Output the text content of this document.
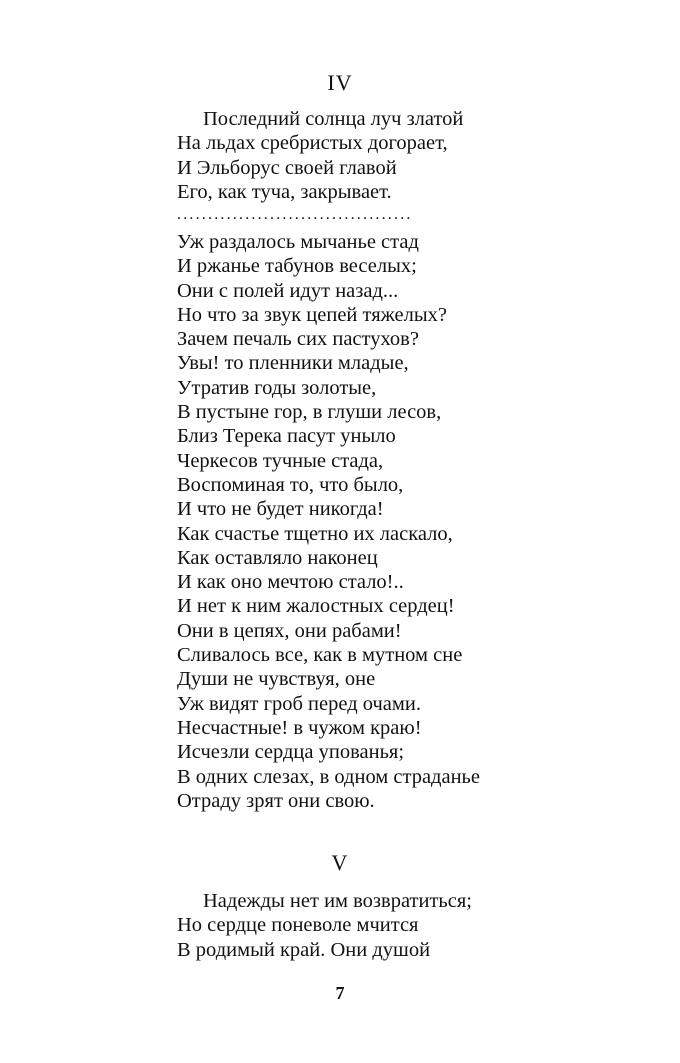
IV
Последний солнца луч златой
На льдах сребристых догорает,
И Эльборус своей главой
Его, как туча, закрывает.
......................................
Уж раздалось мычанье стад
И ржанье табунов веселых;
Они с полей идут назад...
Но что за звук цепей тяжелых?
Зачем печаль сих пастухов?
Увы! то пленники младые,
Утратив годы золотые,
В пустыне гор, в глуши лесов,
Близ Терека пасут уныло
Черкесов тучные стада,
Воспоминая то, что было,
И что не будет никогда!
Как счастье тщетно их ласкало,
Как оставляло наконец
И как оно мечтою стало!..
И нет к ним жалостных сердец!
Они в цепях, они рабами!
Сливалось все, как в мутном сне
Души не чувствуя, оне
Уж видят гроб перед очами.
Несчастные! в чужом краю!
Исчезли сердца упованья;
В одних слезах, в одном страданье
Отраду зрят они свою.
V
Надежды нет им возвратиться;
Но сердце поневоле мчится
В родимый край. Они душой
7
